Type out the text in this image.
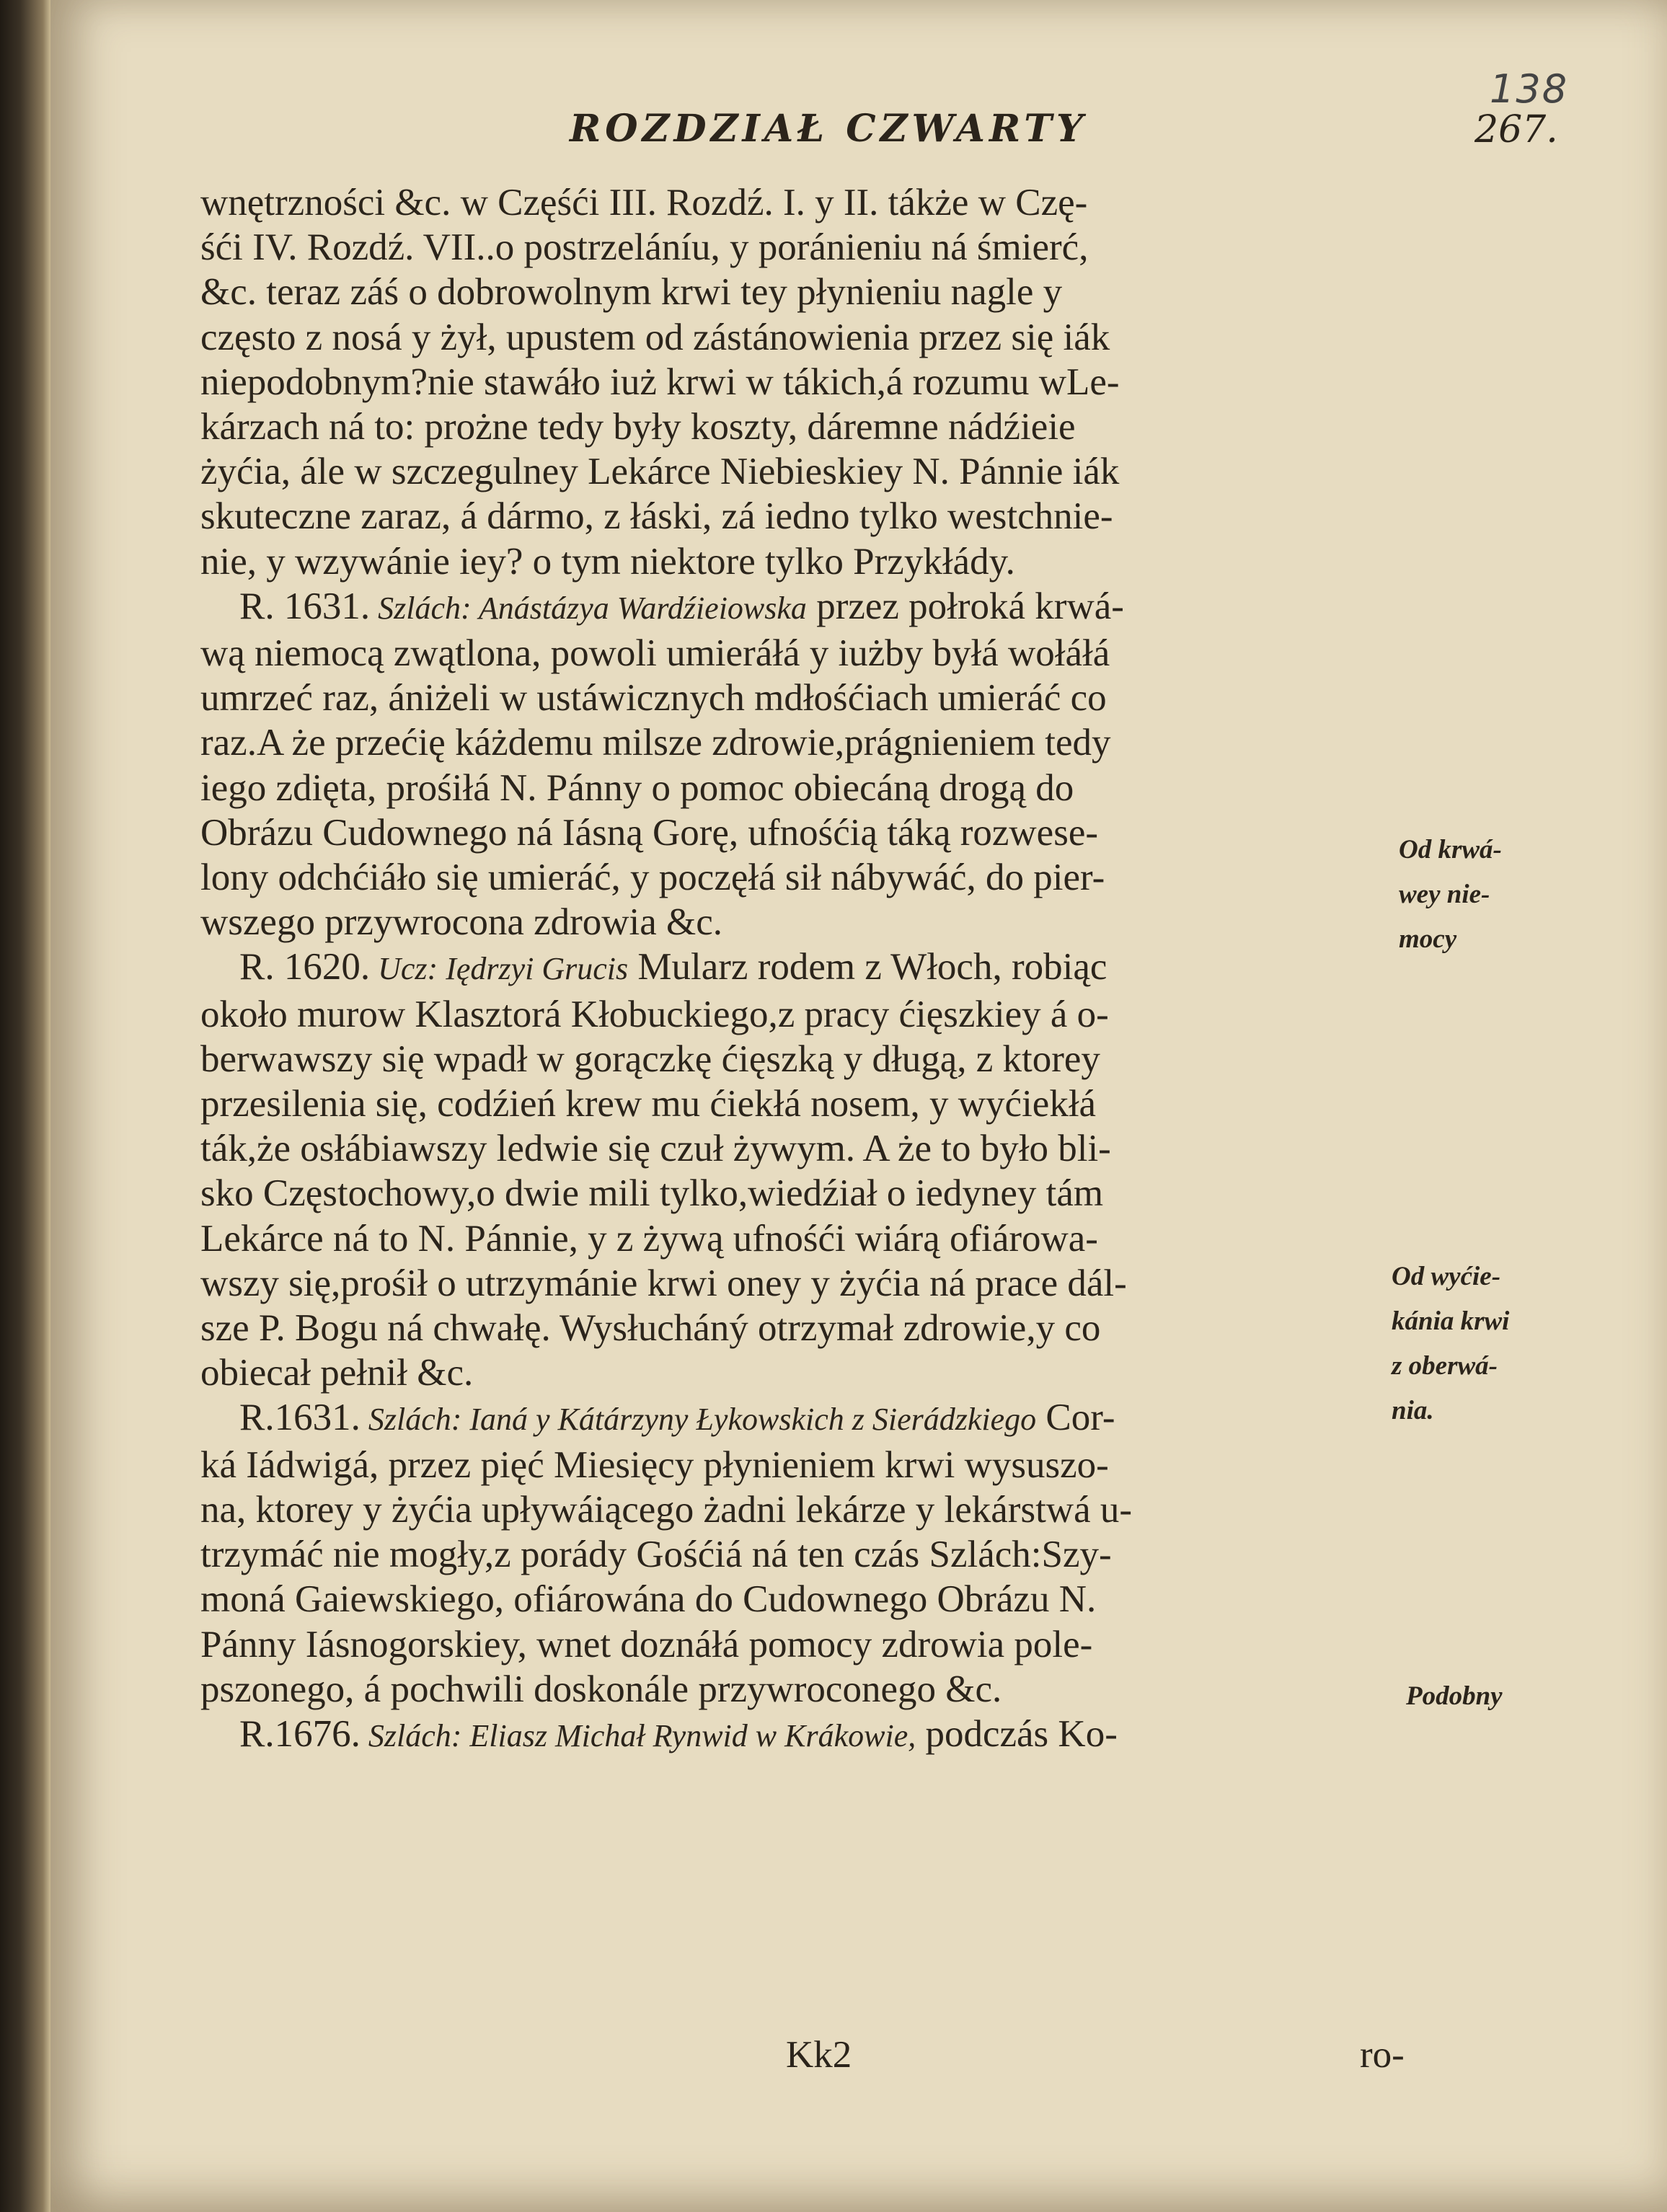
138
ROZDZIAŁ CZWARTY	267.
wnętrzności &c. w Częśći III. Rozdź. I. y II. tákże w Czę-
śći IV. Rozdź. VII..o postrzeláníu, y poránieniu ná śmierć,
&c. teraz záś o dobrowolnym krwi tey płynieniu nagle y
często z nosá y żył, upustem od zástánowienia przez się iák
niepodobnym?nie stawáło iuż krwi w tákich,á rozumu wLe-
kárzach ná to: prożne tedy były koszty, dáremne nádźieie
żyćia, ále w szczegulney Lekárce Niebieskiey N. Pánnie iák
skuteczne zaraz, á dármo, z łáski, zá iedno tylko westchnie-
nie, y wzywánie iey? o tym niektore tylko Przykłády.
R. 1631. Szlách: Anástázya Wardźieiowska przez połroká krwá-
wą niemocą zwątlona, powoli umieráłá y iużby byłá wołáłá
umrzeć raz, ániżeli w ustáwicznych mdłośćiach umieráć co
raz.A że przećię káżdemu milsze zdrowie,prágnieniem tedy
iego zdięta, prośiłá N. Pánny o pomoc obiecáną drogą do
Obrázu Cudownego ná Iásną Gorę, ufnośćią táką rozwese-
lony odchćiáło się umieráć, y poczęłá sił nábywáć, do pier-
wszego przywrocona zdrowia &c.
R. 1620. Ucz: Iędrzyi Grucis Mularz rodem z Włoch, robiąc
około murow Klasztorá Kłobuckiego,z pracy ćięszkiey á o-
berwawszy się wpadł w gorączkę ćięszką y długą, z ktorey
przesilenia się, codźień krew mu ćiekłá nosem, y wyćiekłá
ták,że osłábiawszy ledwie się czuł żywym. A że to było bli-
sko Częstochowy,o dwie mili tylko,wiedźiał o iedyney tám
Lekárce ná to N. Pánnie, y z żywą ufnośći wiárą ofiárowa-
wszy się,prośił o utrzymánie krwi oney y żyćia ná prace dál-
sze P. Bogu ná chwałę. Wysłucháný otrzymał zdrowie,y co
obiecał pełnił &c.
R.1631. Szlách: Ianá y Kátárzyny Łykowskich z Sierádzkiego Cor-
ká Iádwigá, przez pięć Miesięcy płynieniem krwi wysuszo-
na, ktorey y żyćia upływáiącego żadni lekárze y lekárstwá u-
trzymáć nie mogły,z porády Gośćiá ná ten czás Szlách:Szy-
moná Gaiewskiego, ofiárowána do Cudownego Obrázu N.
Pánny Iásnogorskiey, wnet doznáłá pomocy zdrowia pole-
pszonego, á pochwili doskonále przywroconego &c.
R.1676. Szlách: Eliasz Michał Rynwid w Krákowie, podczás Ko-
Od krwá-
wey nie-
mocy
Od wyćie-
kánia krwi
z oberwá-
nia.
Podobny
Kk2	ro-
